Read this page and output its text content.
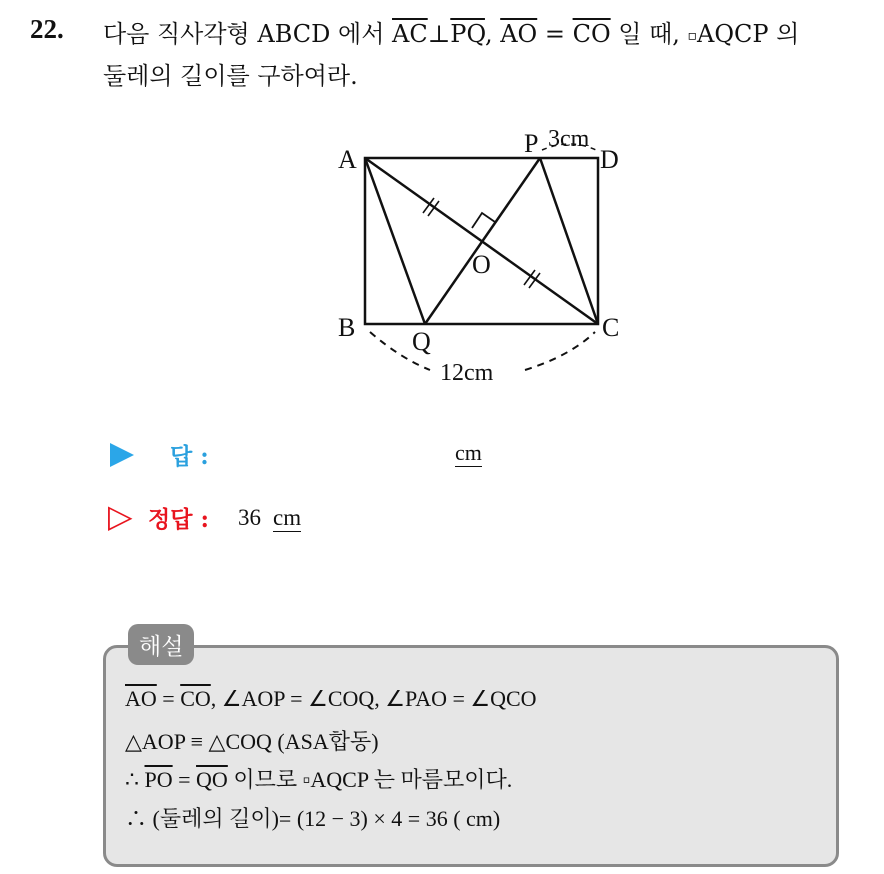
22. 다음 직사각형 ABCD 에서 $\overline{AC}\perp\overline{PQ}$, $\overline{AO} = \overline{CO}$ 일 때, ▫AQCP 의
둘레의 길이를 구하여라.
A
B	C
D
P
Q
O
3cm
12cm
답 :	cm
▷ 정답 : 36 cm
해설
$\overline{AO} = \overline{CO}$, ∠AOP = ∠COQ, ∠PAO = ∠QCO
△AOP ≡ △COQ (ASA합동)
∴ $\overline{PO} = \overline{QO}$ 이므로 ▫AQCP 는 마름모이다.
∴ (둘레의 길이)= (12 − 3) × 4 = 36 ( cm)
